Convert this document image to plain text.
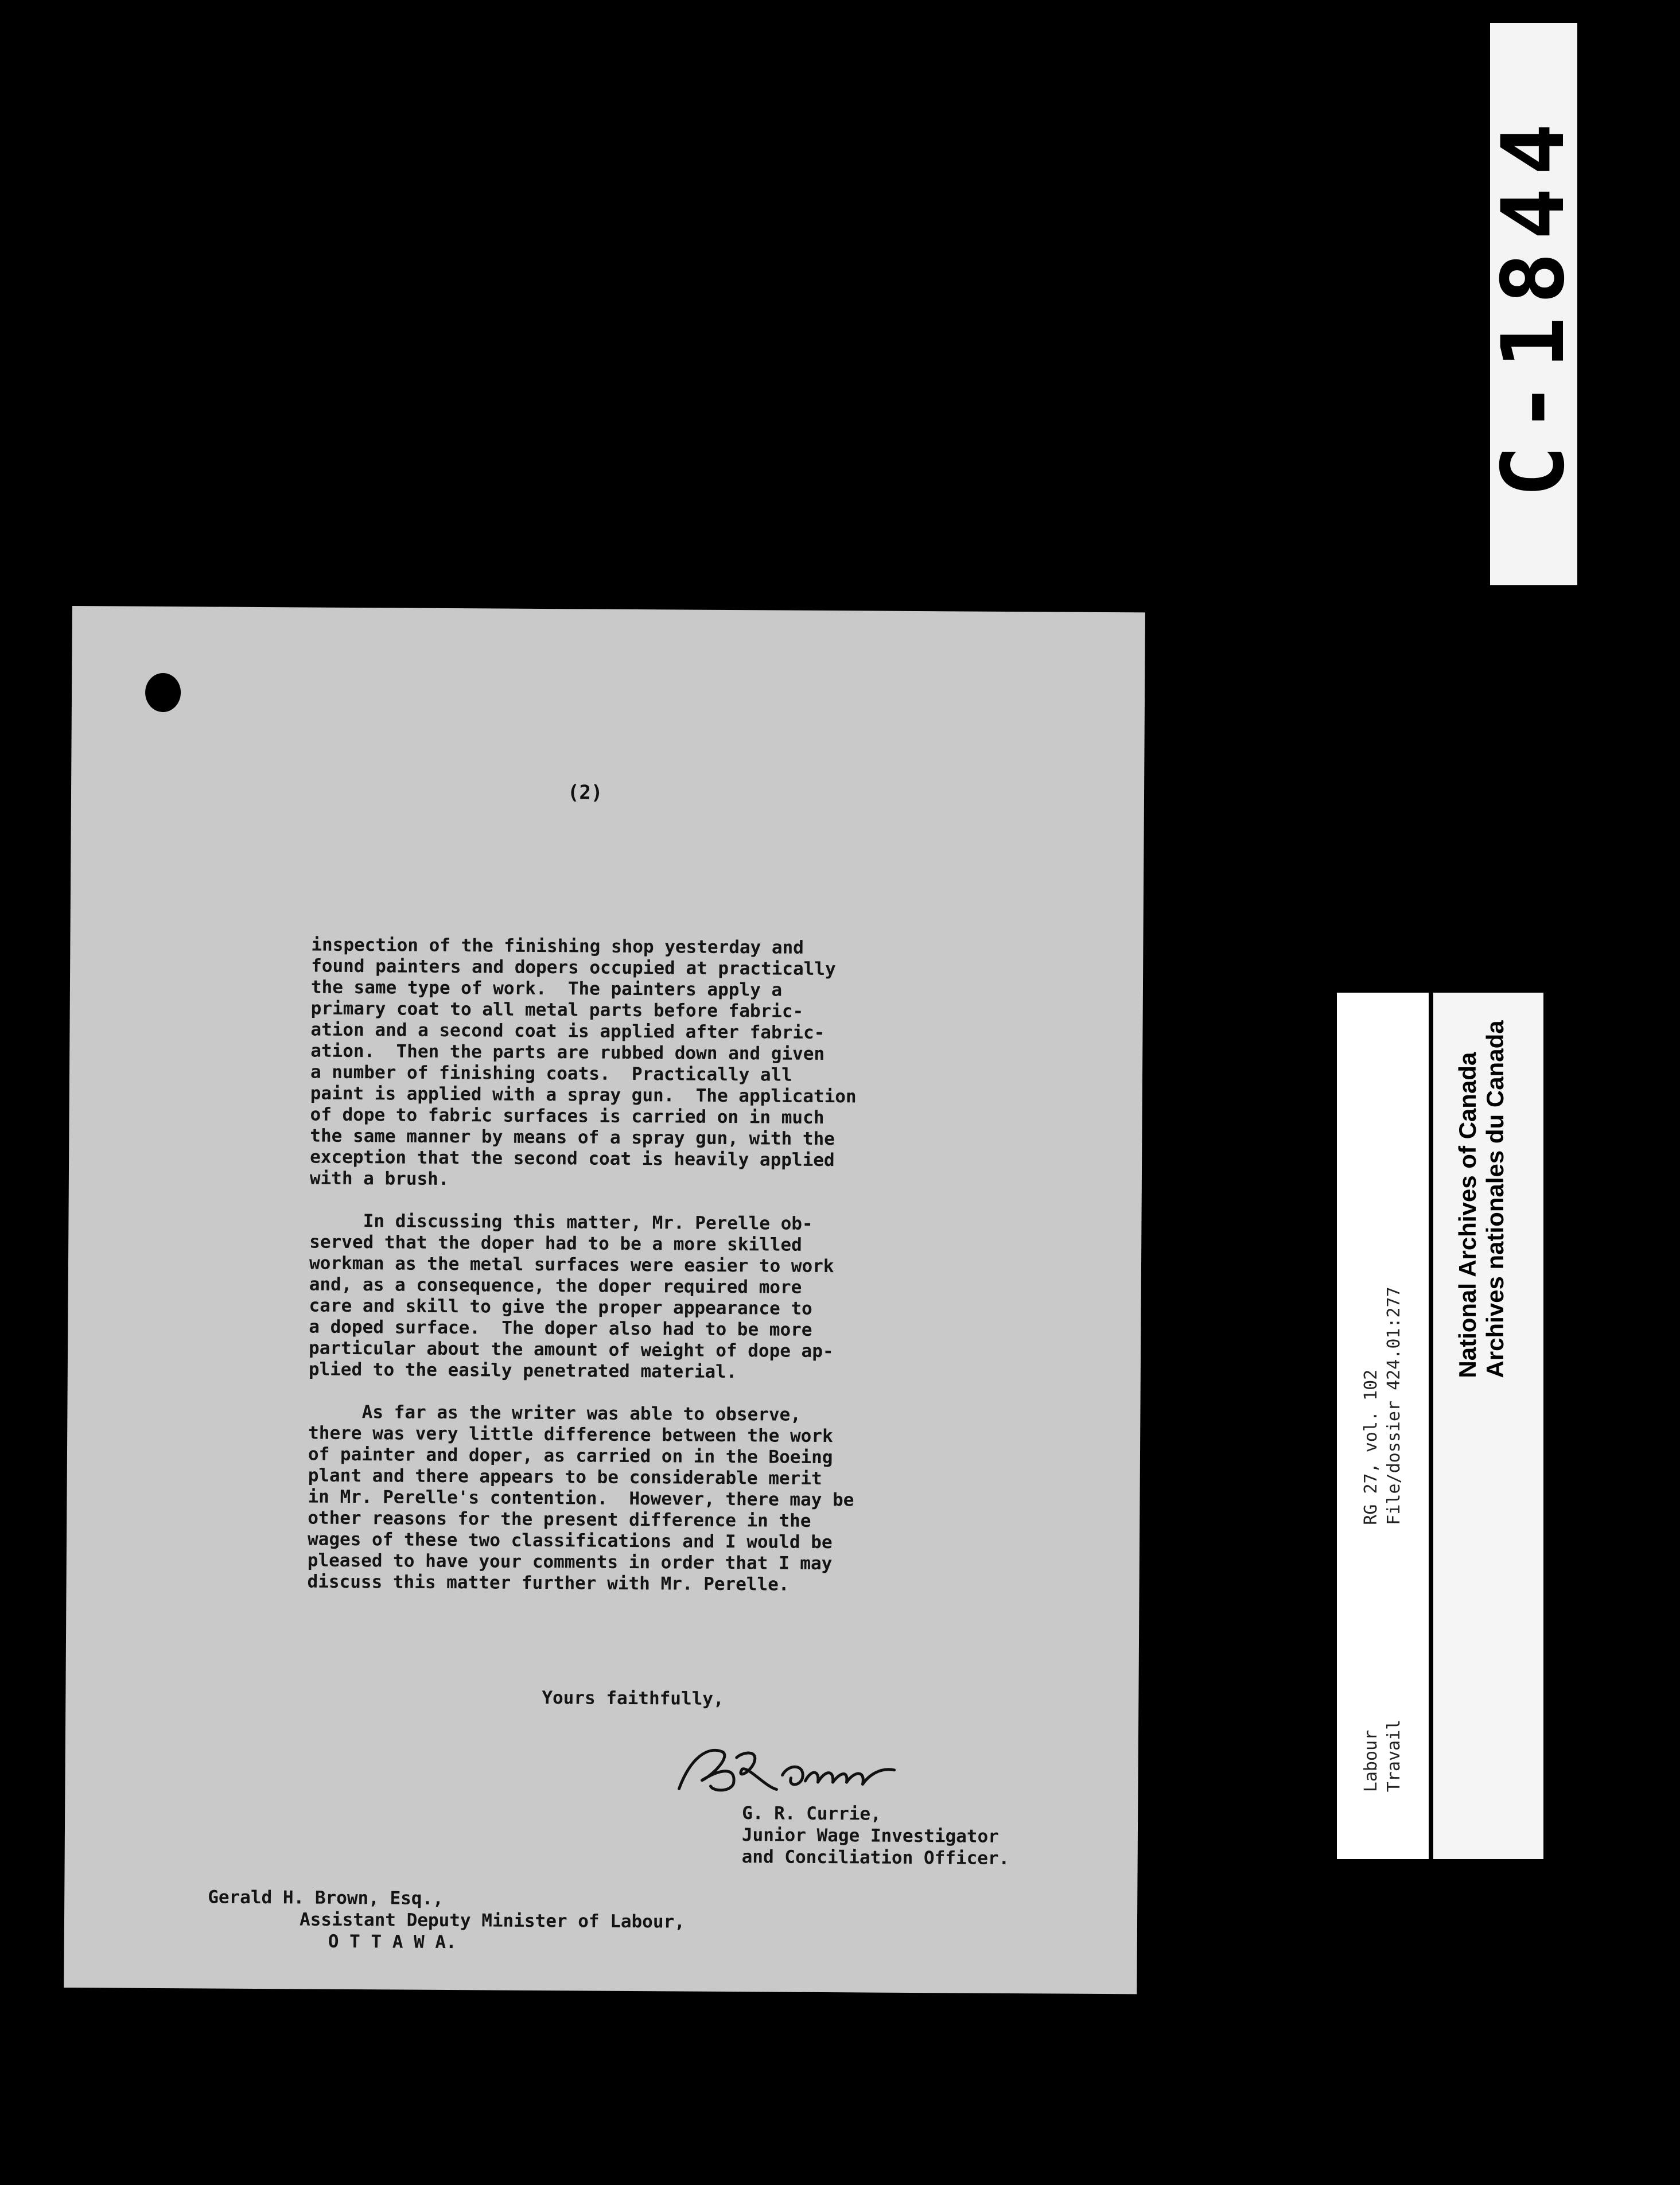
C-1844
(2)
inspection of the finishing shop yesterday and
found painters and dopers occupied at practically
the same type of work.  The painters apply a
primary coat to all metal parts before fabric-
ation and a second coat is applied after fabric-
ation.  Then the parts are rubbed down and given
a number of finishing coats.  Practically all
paint is applied with a spray gun.  The application
of dope to fabric surfaces is carried on in much
the same manner by means of a spray gun, with the
exception that the second coat is heavily applied
with a brush.
In discussing this matter, Mr. Perelle ob-
served that the doper had to be a more skilled
workman as the metal surfaces were easier to work
and, as a consequence, the doper required more
care and skill to give the proper appearance to
a doped surface.  The doper also had to be more
particular about the amount of weight of dope ap-
plied to the easily penetrated material.
As far as the writer was able to observe,
there was very little difference between the work
of painter and doper, as carried on in the Boeing
plant and there appears to be considerable merit
in Mr. Perelle's contention.  However, there may be
other reasons for the present difference in the
wages of these two classifications and I would be
pleased to have your comments in order that I may
discuss this matter further with Mr. Perelle.
Yours faithfully,
G. R. Currie,
Junior Wage Investigator
and Conciliation Officer.
Gerald H. Brown, Esq.,
Assistant Deputy Minister of Labour,
O T T A W A.
RG 27, vol. 102 File/dossier 424.01:277
Labour Travail
National Archives of Canada
Archives nationales du Canada
